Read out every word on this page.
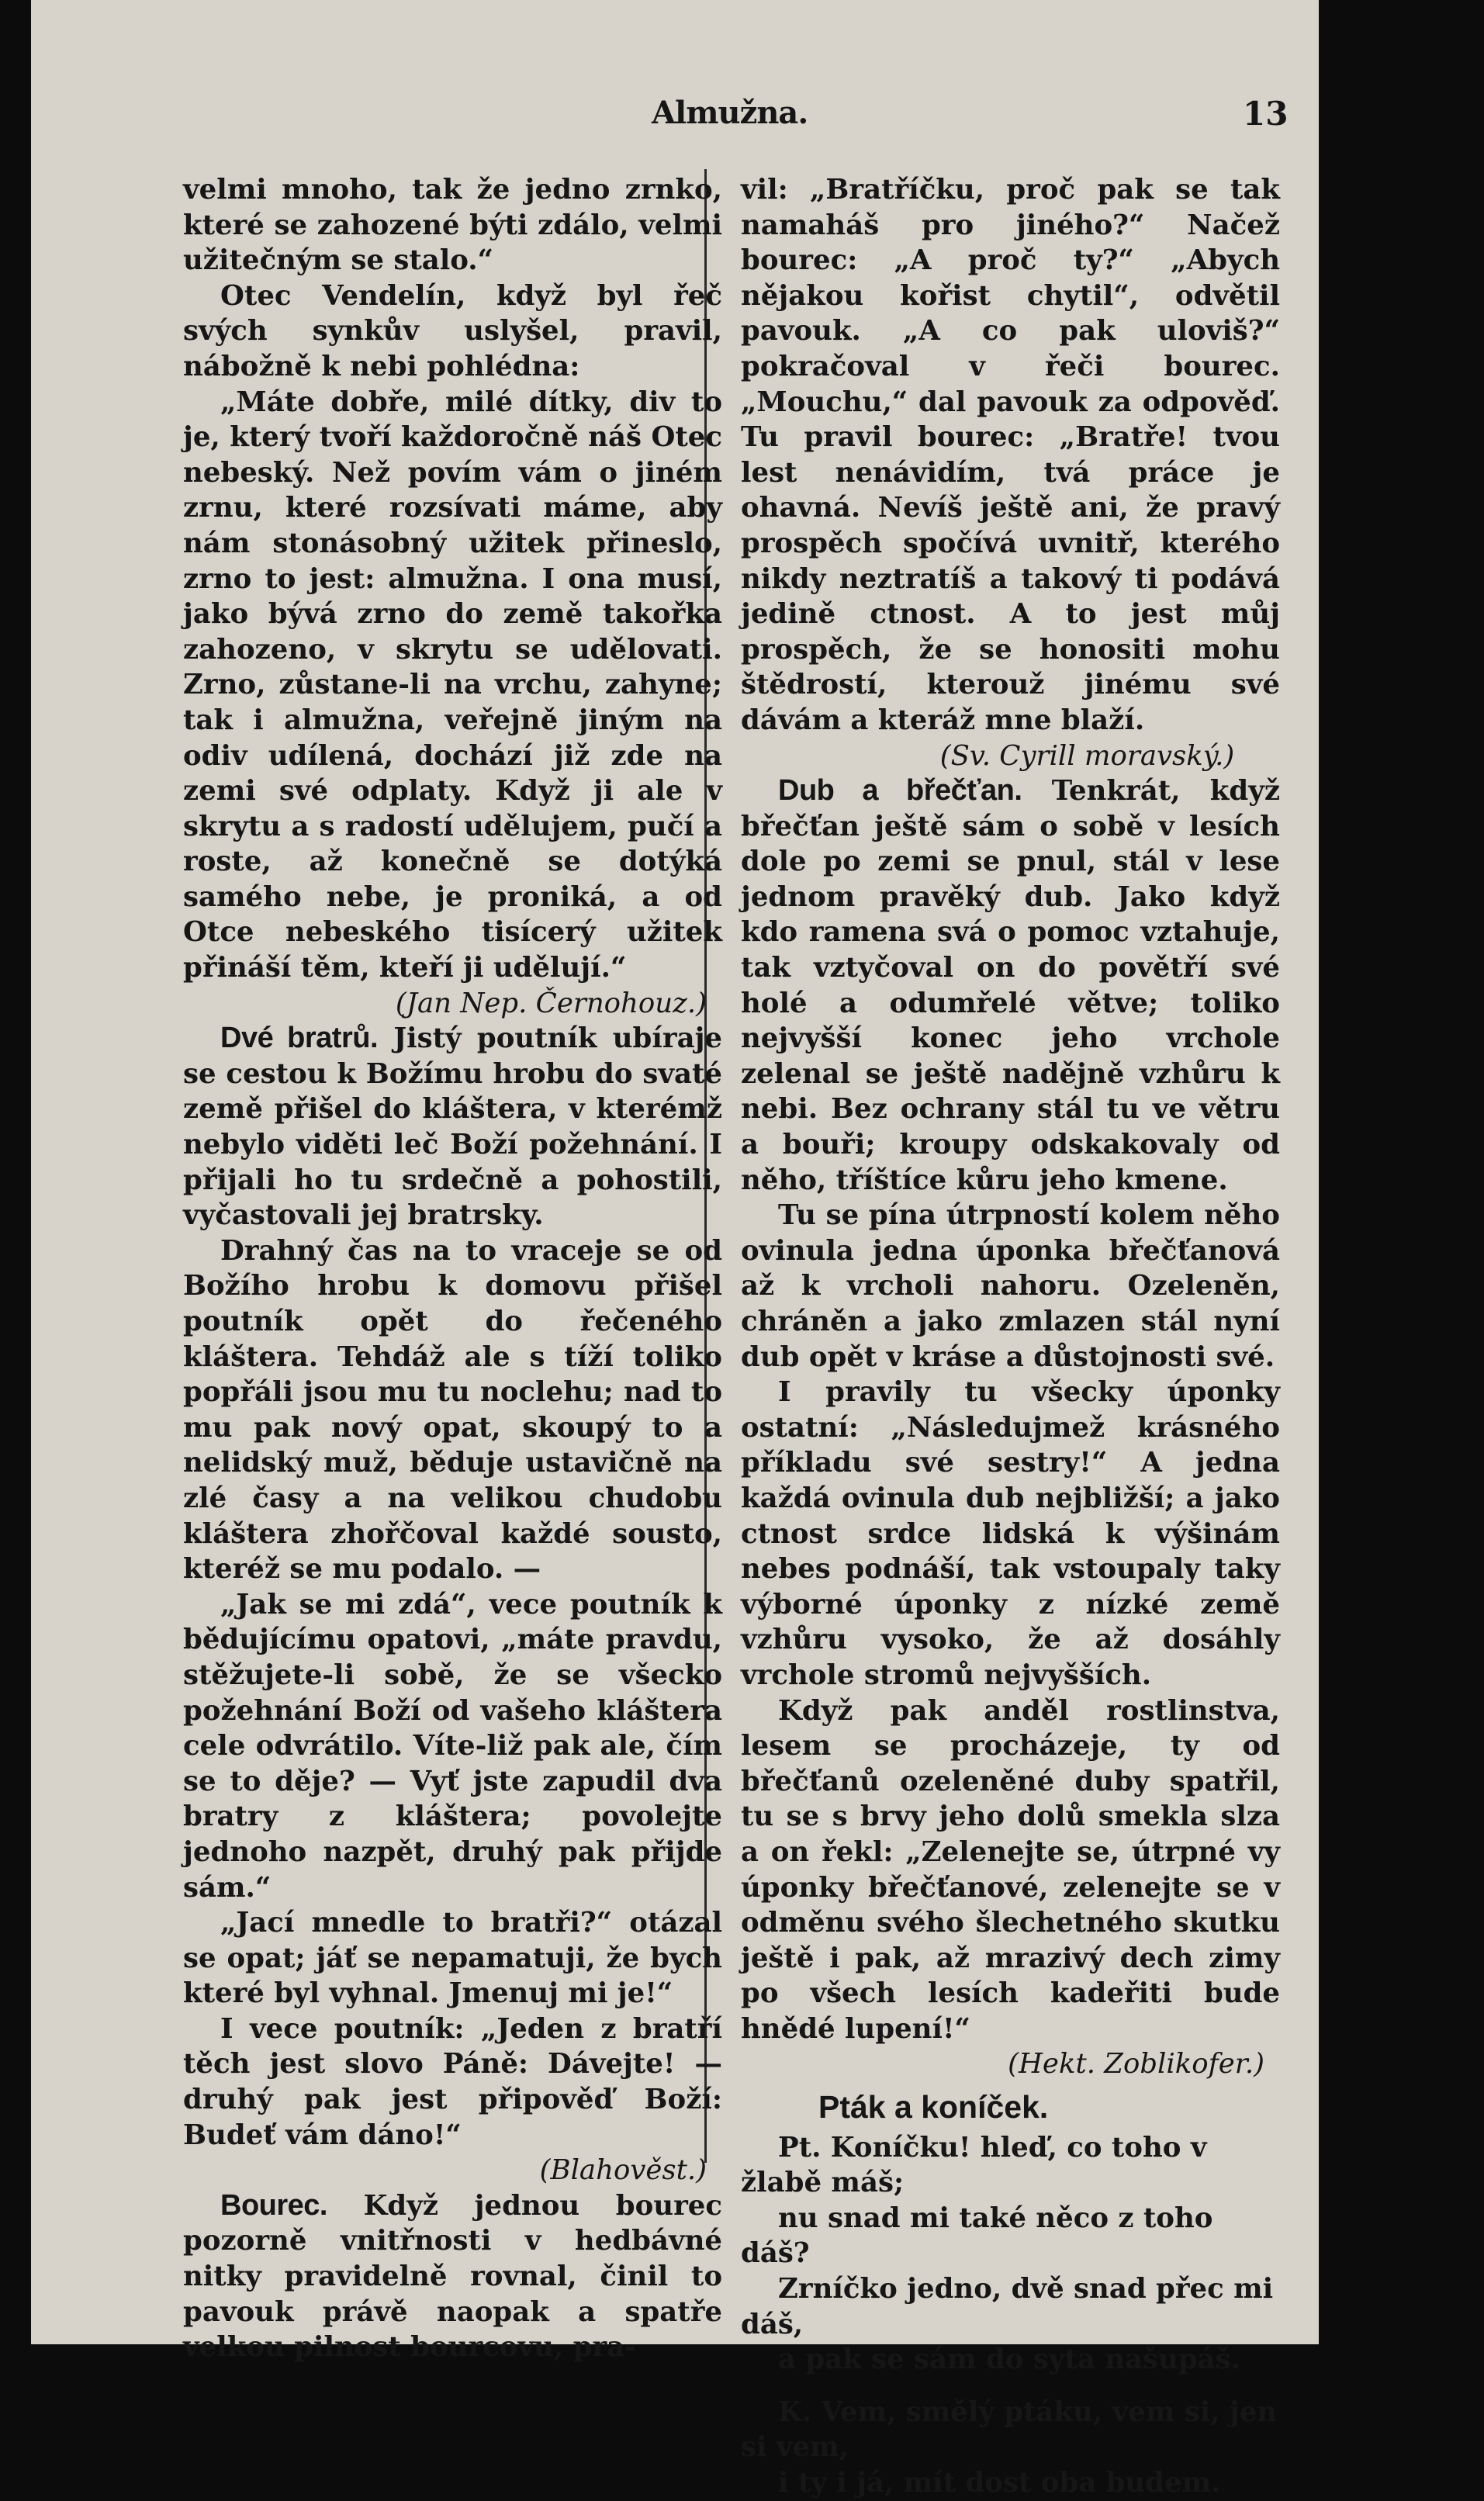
Almužna.	13

velmi mnoho, tak že jedno zrnko, které se zahozené býti zdálo, velmi užitečným se stalo.“

Otec Vendelín, když byl řeč svých synkův uslyšel, pravil, nábožně k nebi pohlédna:

„Máte dobře, milé dítky, div to je, který tvoří každoročně náš Otec nebeský. Než povím vám o jiném zrnu, které rozsívati máme, aby nám stonásobný užitek přineslo, zrno to jest: almužna. I ona musí, jako bývá zrno do země takořka zahozeno, v skrytu se udělovati. Zrno, zůstane-li na vrchu, zahyne; tak i almužna, veřejně jiným na odiv udílená, dochází již zde na zemi své odplaty. Když ji ale v skrytu a s radostí udělujem, pučí a roste, až konečně se dotýká samého nebe, je proniká, a od Otce nebeského tisícerý užitek přináší těm, kteří ji udělují.“

(Jan Nep. Černohouz.)

Dvé bratrů. Jistý poutník ubíraje se cestou k Božímu hrobu do svaté země přišel do kláštera, v kterémž nebylo viděti leč Boží požehnání. I přijali ho tu srdečně a pohostili, vyčastovali jej bratrsky.

Drahný čas na to vraceje se od Božího hrobu k domovu přišel poutník opět do řečeného kláštera. Tehdáž ale s tíží toliko popřáli jsou mu tu noclehu; nad to mu pak nový opat, skoupý to a nelidský muž, běduje ustavičně na zlé časy a na velikou chudobu kláštera zhořčoval každé sousto, kteréž se mu podalo. —

„Jak se mi zdá“, vece poutník k bědujícímu opatovi, „máte pravdu, stěžujete-li sobě, že se všecko požehnání Boží od vašeho kláštera cele odvrátilo. Víte-liž pak ale, čím se to děje? — Vyť jste zapudil dva bratry z kláštera; povolejte jednoho nazpět, druhý pak přijde sám.“

„Jací mnedle to bratři?“ otázal se opat; jáť se nepamatuji, že bych které byl vyhnal. Jmenuj mi je!“

I vece poutník: „Jeden z bratří těch jest slovo Páně: Dávejte! — druhý pak jest připověď Boží: Budeť vám dáno!“

(Blahověst.)

Bourec. Když jednou bourec pozorně vnitřnosti v hedbávné nitky pravidelně rovnal, činil to pavouk právě naopak a spatře velkou pilnost bourcovu, pra-

vil: „Bratříčku, proč pak se tak namaháš pro jiného?“ Načež bourec: „A proč ty?“ „Abych nějakou kořist chytil“, odvětil pavouk. „A co pak uloviš?“ pokračoval v řeči bourec. „Mouchu,“ dal pavouk za odpověď. Tu pravil bourec: „Bratře! tvou lest nenávidím, tvá práce je ohavná. Nevíš ještě ani, že pravý prospěch spočívá uvnitř, kterého nikdy neztratíš a takový ti podává jedině ctnost. A to jest můj prospěch, že se honositi mohu štědrostí, kterouž jinému své dávám a kteráž mne blaží.

(Sv. Cyrill moravský.)

Dub a břečťan. Tenkrát, když břečťan ještě sám o sobě v lesích dole po zemi se pnul, stál v lese jednom pravěký dub. Jako když kdo ramena svá o pomoc vztahuje, tak vztyčoval on do povětří své holé a odumřelé větve; toliko nejvyšší konec jeho vrchole zelenal se ještě nadějně vzhůru k nebi. Bez ochrany stál tu ve větru a bouři; kroupy odskakovaly od něho, tříštíce kůru jeho kmene.

Tu se pína útrpností kolem něho ovinula jedna úponka břečťanová až k vrcholi nahoru. Ozeleněn, chráněn a jako zmlazen stál nyní dub opět v kráse a důstojnosti své.

I pravily tu všecky úponky ostatní: „Následujmež krásného příkladu své sestry!“ A jedna každá ovinula dub nejbližší; a jako ctnost srdce lidská k výšinám nebes podnáší, tak vstoupaly taky výborné úponky z nízké země vzhůru vysoko, že až dosáhly vrchole stromů nejvyšších.

Když pak anděl rostlinstva, lesem se procházeje, ty od břečťanů ozeleněné duby spatřil, tu se s brvy jeho dolů smekla slza a on řekl: „Zelenejte se, útrpné vy úponky břečťanové, zelenejte se v odměnu svého šlechetného skutku ještě i pak, až mrazivý dech zimy po všech lesích kadeřiti bude hnědé lupení!“

(Hekt. Zoblikofer.)

Pták a koníček.

Pt. Koníčku! hleď, co toho v žlabě máš;

nu snad mi také něco z toho dáš?

Zrníčko jedno, dvě snad přec mi dáš,

a pak se sám do syta našupáš.

K. Vem, smělý ptáku, vem si, jen si vem,

i ty i já, mít dost oba budem.
